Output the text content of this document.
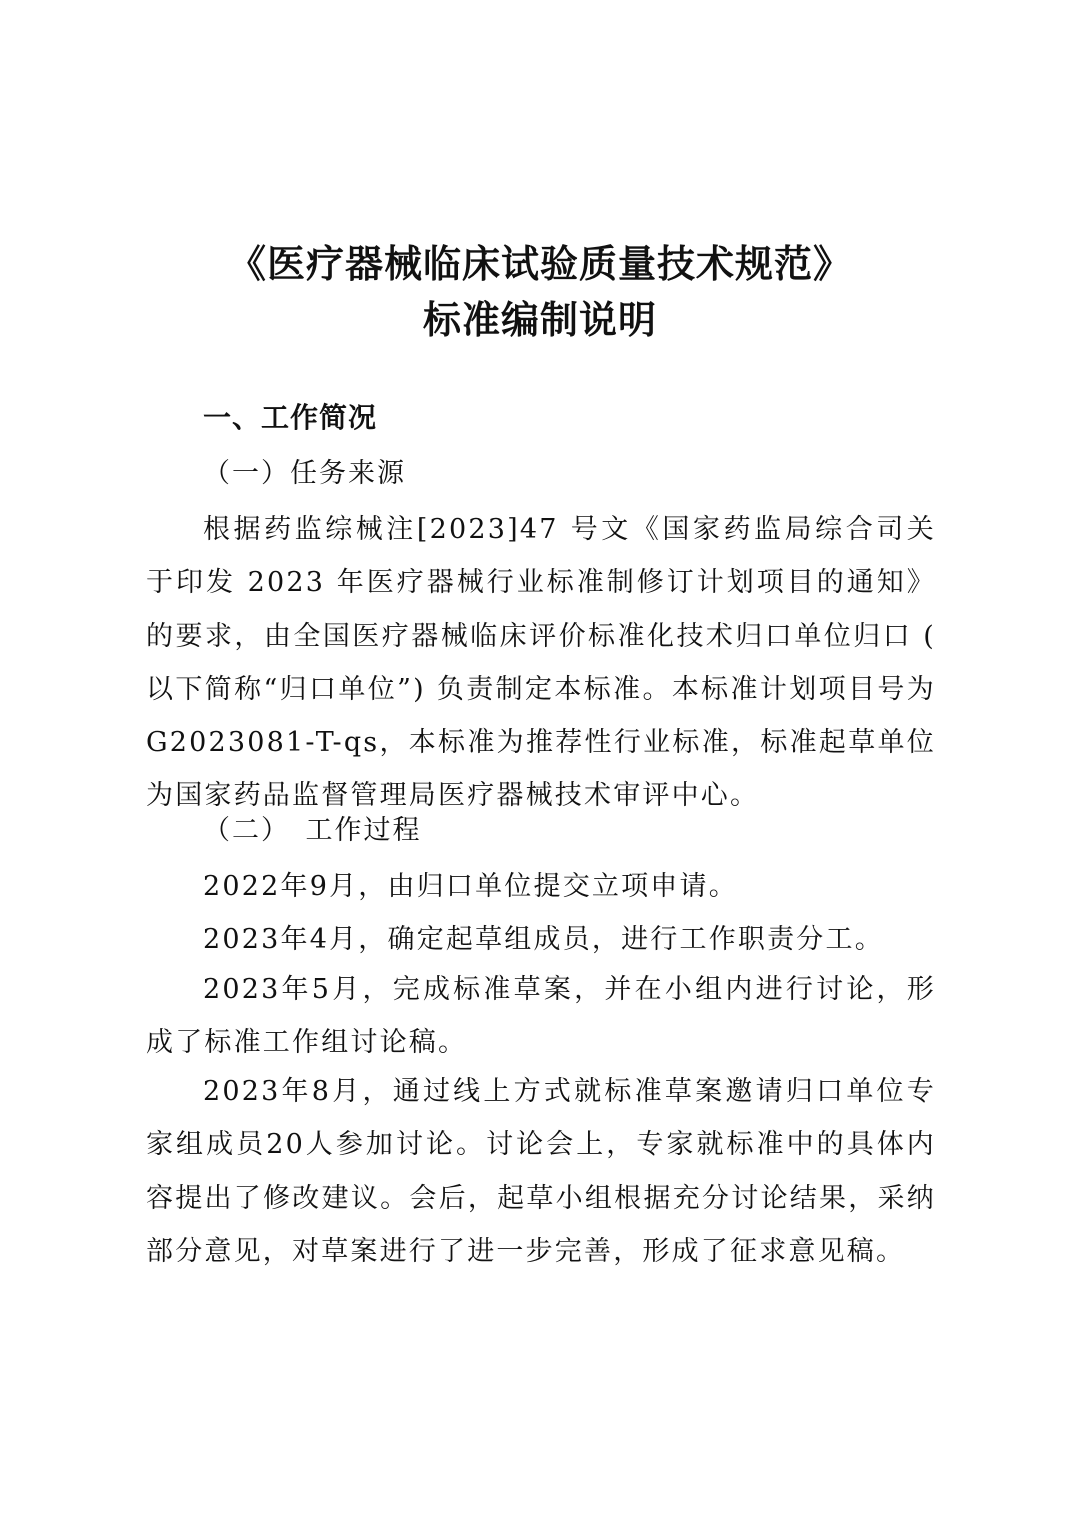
《医疗器械临床试验质量技术规范》
标准编制说明
一、工作简况
（一）任务来源

根据药监综械注[2023]47 号文《国家药监局综合司关于印发 2023 年医疗器械行业标准制修订计划项目的通知》的要求，由全国医疗器械临床评价标准化技术归口单位归口 ( 以下简称“归口单位”) 负责制定本标准。本标准计划项目号为G2023081-T-qs，本标准为推荐性行业标准，标准起草单位为国家药品监督管理局医疗器械技术审评中心。

（二）　工作过程

2022年9月，由归口单位提交立项申请。

2023年4月，确定起草组成员，进行工作职责分工。

2023年5月，完成标准草案，并在小组内进行讨论，形 成了标准工作组讨论稿。

2023年8月，通过线上方式就标准草案邀请归口单位专 家组成员20人参加讨论。讨论会上，专家就标准中的具体内容提出了修改建议。会后，起草小组根据充分讨论结果，采纳部分意见，对草案进行了进一步完善，形成了征求意见稿。
